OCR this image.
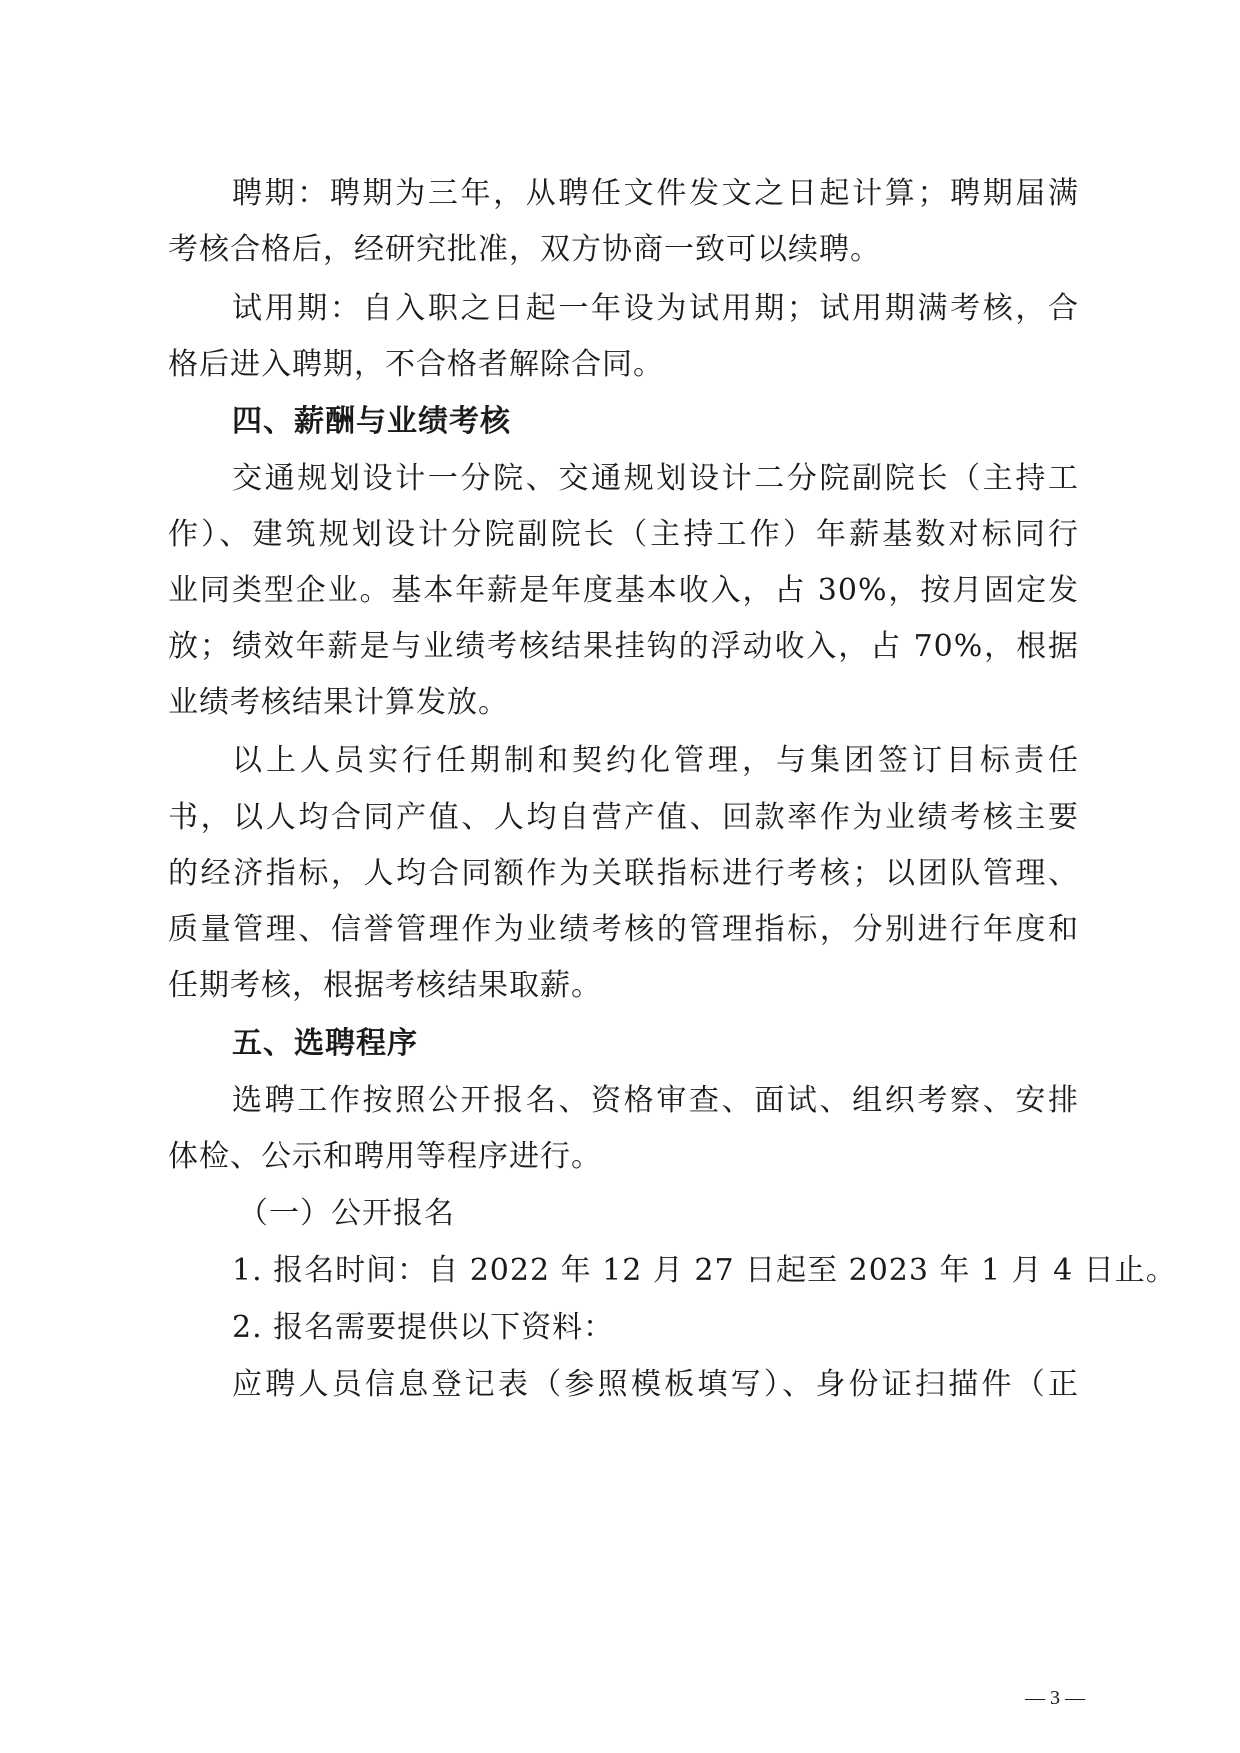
聘期：聘期为三年，从聘任文件发文之日起计算；聘期届满
考核合格后，经研究批准，双方协商一致可以续聘。
试用期：自入职之日起一年设为试用期；试用期满考核，合
格后进入聘期，不合格者解除合同。
四、薪酬与业绩考核
交通规划设计一分院、交通规划设计二分院副院长（主持工
作）、建筑规划设计分院副院长（主持工作）年薪基数对标同行
业同类型企业。基本年薪是年度基本收入，占 30%，按月固定发
放；绩效年薪是与业绩考核结果挂钩的浮动收入，占 70%，根据
业绩考核结果计算发放。
以上人员实行任期制和契约化管理，与集团签订目标责任
书，以人均合同产值、人均自营产值、回款率作为业绩考核主要
的经济指标，人均合同额作为关联指标进行考核；以团队管理、
质量管理、信誉管理作为业绩考核的管理指标，分别进行年度和
任期考核，根据考核结果取薪。
五、选聘程序
选聘工作按照公开报名、资格审查、面试、组织考察、安排
体检、公示和聘用等程序进行。
（一）公开报名
1. 报名时间：自 2022 年 12 月 27 日起至 2023 年 1 月 4 日止。
2. 报名需要提供以下资料：
应聘人员信息登记表（参照模板填写）、身份证扫描件（正
— 3 —
